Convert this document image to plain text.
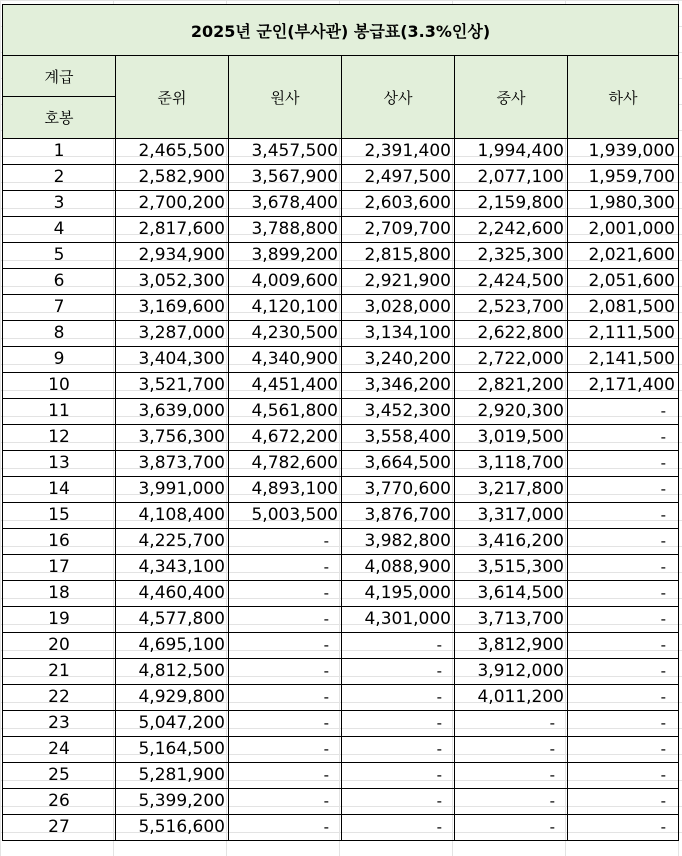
2025년 군인(부사관) 봉급표(3.3%인상)					
계급	준위	원사	상사	중사	하사
호봉					
1	2,465,500	3,457,500	2,391,400	1,994,400	1,939,000
2	2,582,900	3,567,900	2,497,500	2,077,100	1,959,700
3	2,700,200	3,678,400	2,603,600	2,159,800	1,980,300
4	2,817,600	3,788,800	2,709,700	2,242,600	2,001,000
5	2,934,900	3,899,200	2,815,800	2,325,300	2,021,600
6	3,052,300	4,009,600	2,921,900	2,424,500	2,051,600
7	3,169,600	4,120,100	3,028,000	2,523,700	2,081,500
8	3,287,000	4,230,500	3,134,100	2,622,800	2,111,500
9	3,404,300	4,340,900	3,240,200	2,722,000	2,141,500
10	3,521,700	4,451,400	3,346,200	2,821,200	2,171,400
11	3,639,000	4,561,800	3,452,300	2,920,300	-
12	3,756,300	4,672,200	3,558,400	3,019,500	-
13	3,873,700	4,782,600	3,664,500	3,118,700	-
14	3,991,000	4,893,100	3,770,600	3,217,800	-
15	4,108,400	5,003,500	3,876,700	3,317,000	-
16	4,225,700	-	3,982,800	3,416,200	-
17	4,343,100	-	4,088,900	3,515,300	-
18	4,460,400	-	4,195,000	3,614,500	-
19	4,577,800	-	4,301,000	3,713,700	-
20	4,695,100	-	-	3,812,900	-
21	4,812,500	-	-	3,912,000	-
22	4,929,800	-	-	4,011,200	-
23	5,047,200	-	-	-	-
24	5,164,500	-	-	-	-
25	5,281,900	-	-	-	-
26	5,399,200	-	-	-	-
27	5,516,600	-	-	-	-
